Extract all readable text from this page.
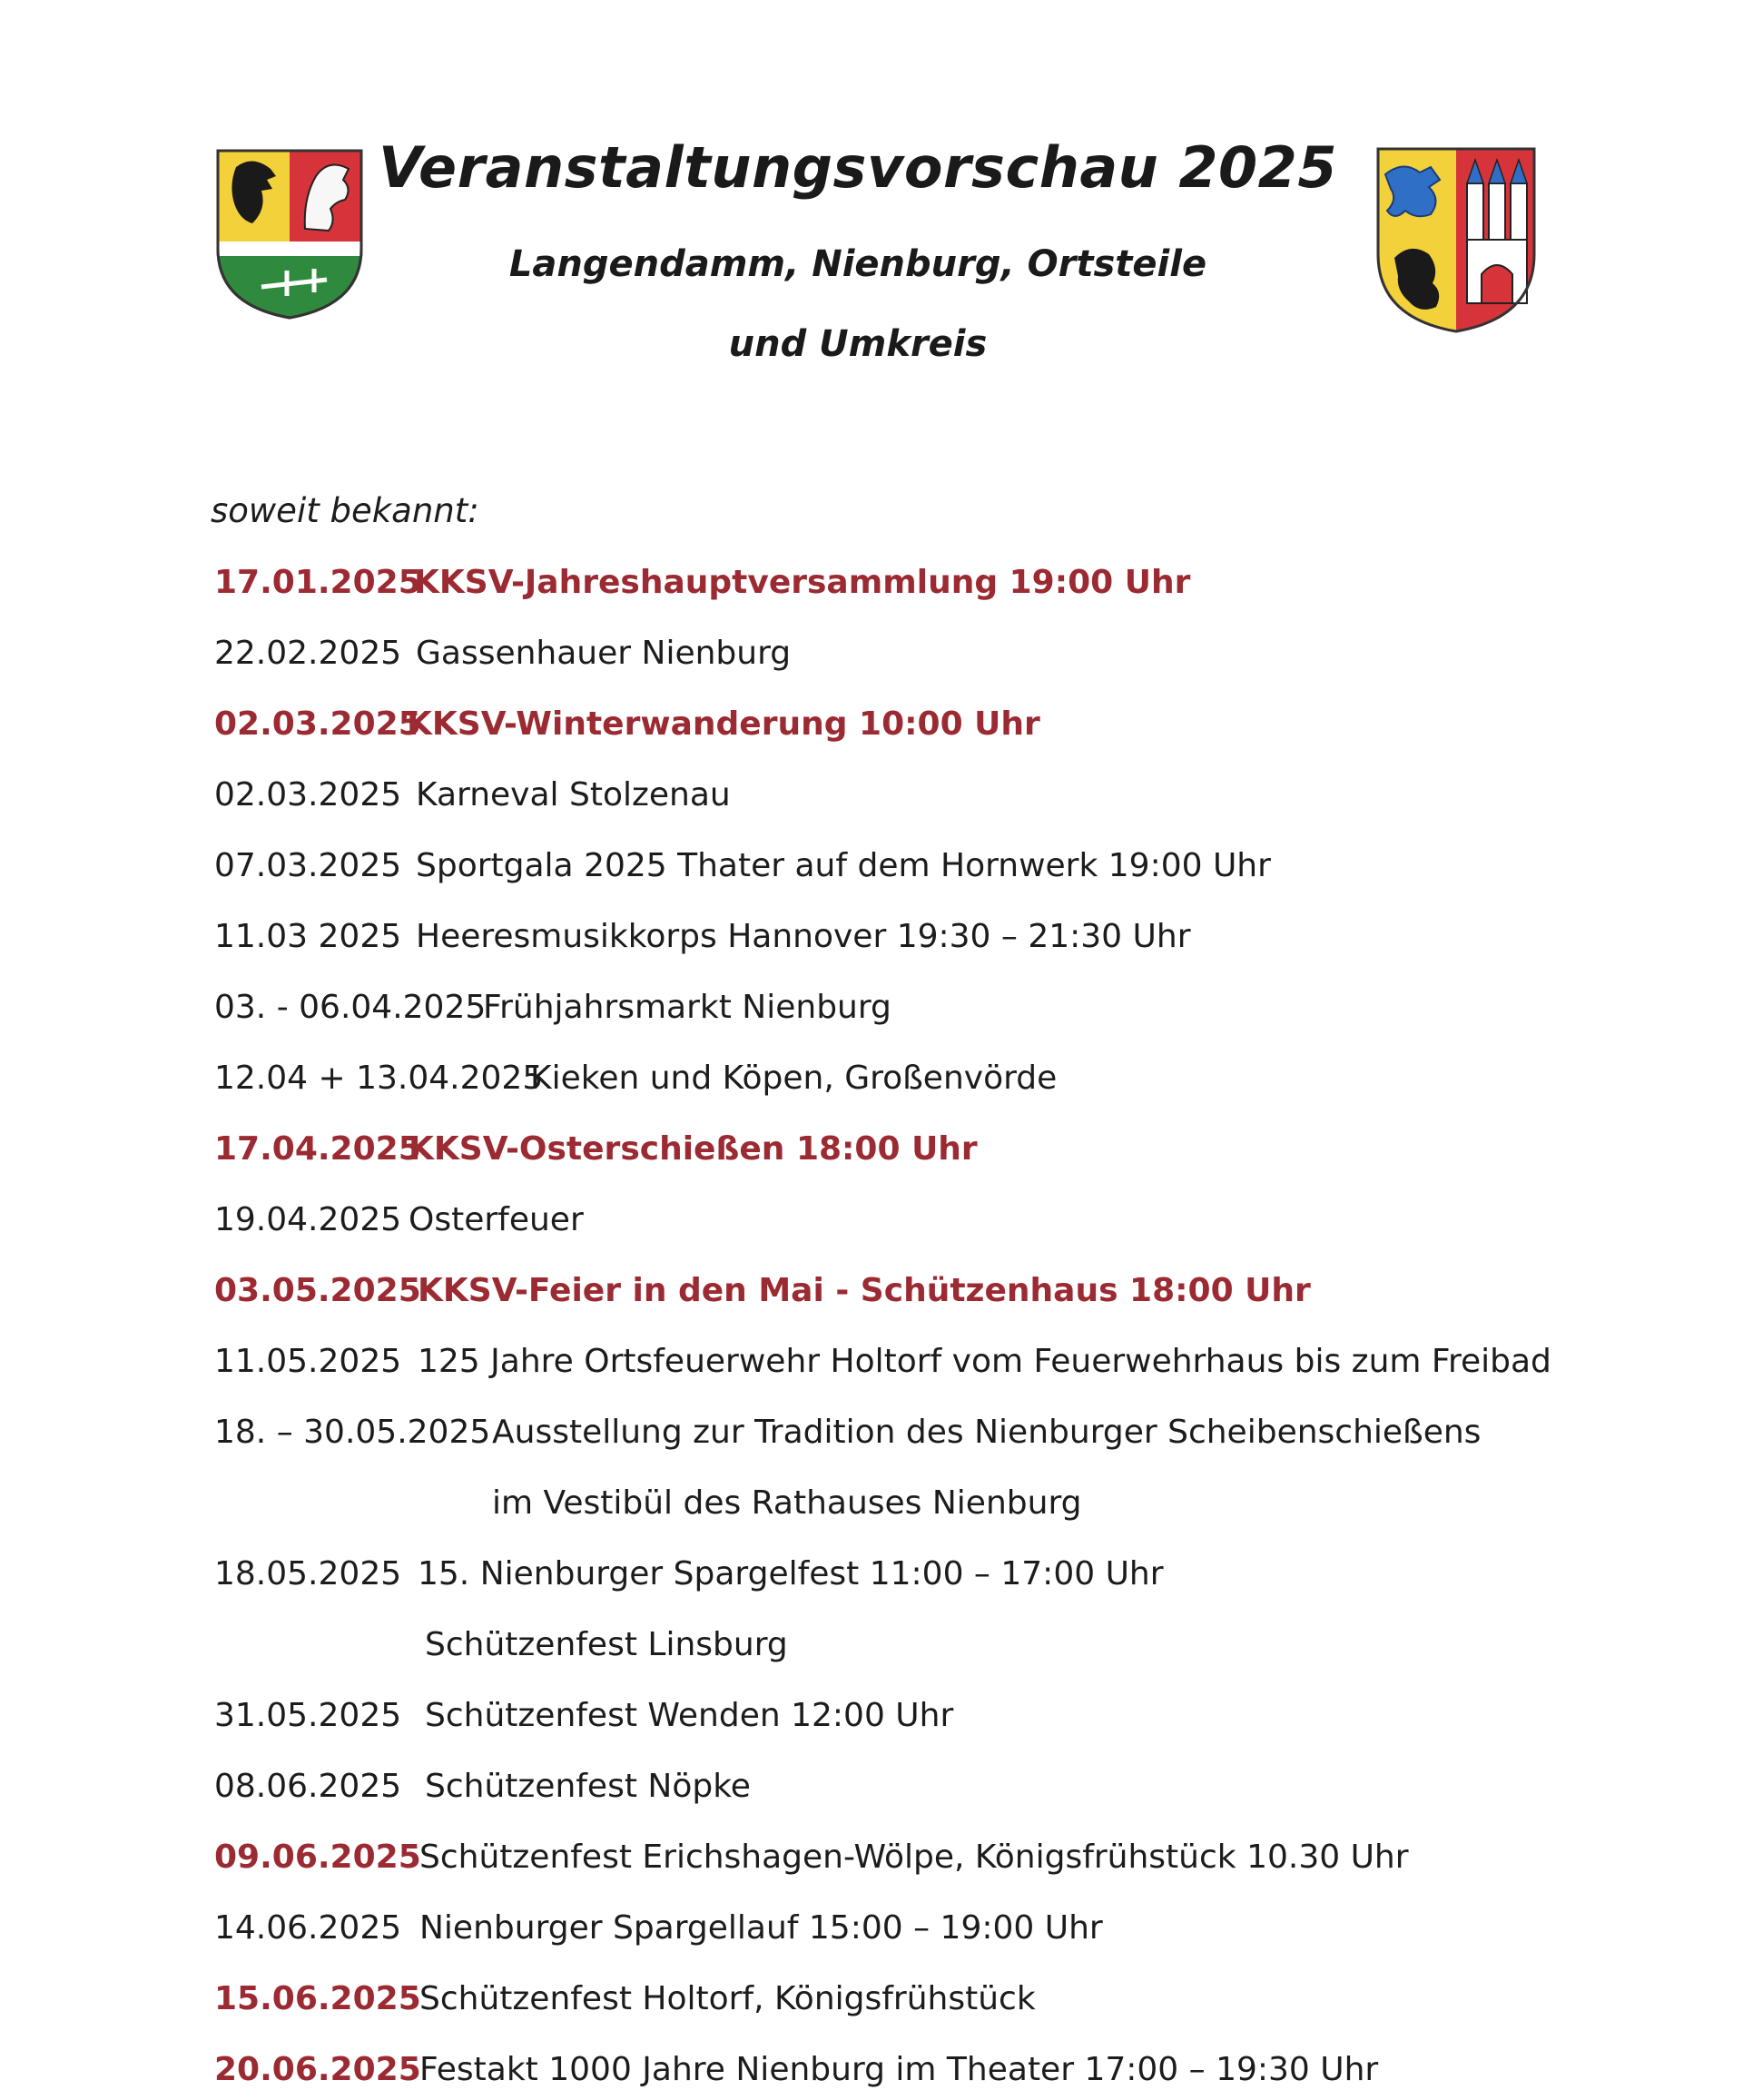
Veranstaltungsvorschau 2025
Langendamm, Nienburg, Ortsteile
und Umkreis

soweit bekannt:

17.01.2025
KKSV-Jahreshauptversammlung 19:00 Uhr
22.02.2025 Gassenhauer Nienburg
02.03.2025
KKSV-Winterwanderung 10:00 Uhr
02.03.2025 Karneval Stolzenau
07.03.2025 Sportgala 2025 Thater auf dem Hornwerk 19:00 Uhr
11.03 2025 Heeresmusikkorps Hannover 19:30 – 21:30 Uhr
03. - 06.04.2025
Frühjahrsmarkt Nienburg
12.04 + 13.04.2025
Kieken und Köpen, Großenvörde
17.04.2025
KKSV-Osterschießen 18:00 Uhr
19.04.2025 Osterfeuer
03.05.2025
KKSV-Feier in den Mai - Schützenhaus 18:00 Uhr
11.05.2025 125 Jahre Ortsfeuerwehr Holtorf vom Feuerwehrhaus bis zum Freibad
18. – 30.05.2025 Ausstellung zur Tradition des Nienburger Scheibenschießens
im Vestibül des Rathauses Nienburg
18.05.2025 15. Nienburger Spargelfest 11:00 – 17:00 Uhr
Schützenfest Linsburg
31.05.2025 Schützenfest Wenden 12:00 Uhr
08.06.2025 Schützenfest Nöpke
09.06.2025
Schützenfest Erichshagen-Wölpe, Königsfrühstück 10.30 Uhr
14.06.2025 Nienburger Spargellauf 15:00 – 19:00 Uhr
15.06.2025
Schützenfest Holtorf, Königsfrühstück
20.06.2025
Festakt 1000 Jahre Nienburg im Theater 17:00 – 19:30 Uhr
